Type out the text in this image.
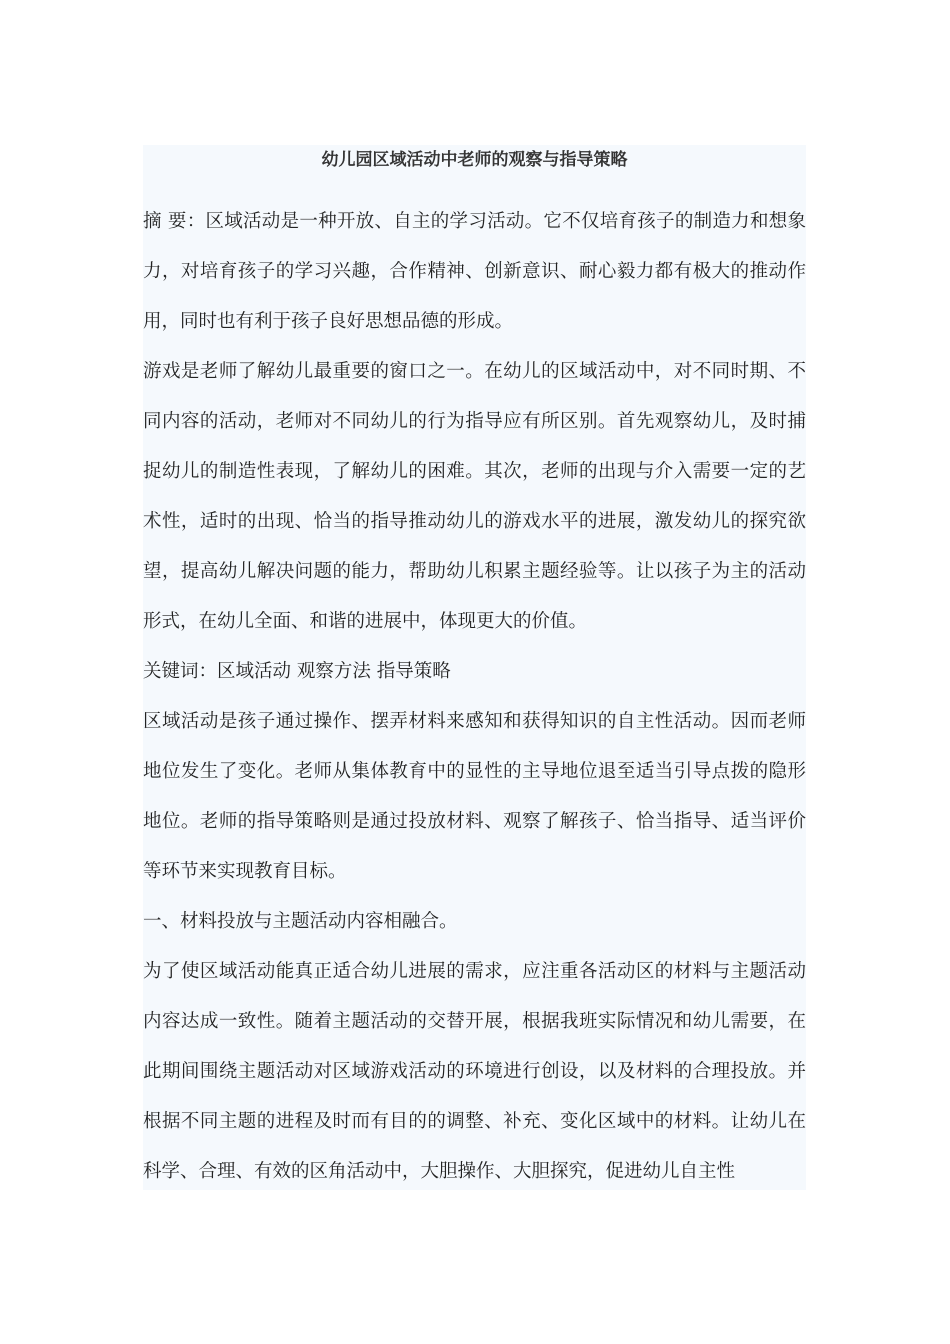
幼儿园区域活动中老师的观察与指导策略

摘 要：区域活动是一种开放、自主的学习活动。它不仅培育孩子的制造力和想象力，对培育孩子的学习兴趣，合作精神、创新意识、耐心毅力都有极大的推动作用，同时也有利于孩子良好思想品德的形成。

游戏是老师了解幼儿最重要的窗口之一。在幼儿的区域活动中，对不同时期、不同内容的活动，老师对不同幼儿的行为指导应有所区别。首先观察幼儿，及时捕捉幼儿的制造性表现，了解幼儿的困难。其次，老师的出现与介入需要一定的艺术性，适时的出现、恰当的指导推动幼儿的游戏水平的进展，激发幼儿的探究欲望，提高幼儿解决问题的能力，帮助幼儿积累主题经验等。让以孩子为主的活动形式，在幼儿全面、和谐的进展中，体现更大的价值。

关键词：区域活动 观察方法 指导策略

区域活动是孩子通过操作、摆弄材料来感知和获得知识的自主性活动。因而老师地位发生了变化。老师从集体教育中的显性的主导地位退至适当引导点拨的隐形地位。老师的指导策略则是通过投放材料、观察了解孩子、恰当指导、适当评价等环节来实现教育目标。

一、材料投放与主题活动内容相融合。

为了使区域活动能真正适合幼儿进展的需求，应注重各活动区的材料与主题活动内容达成一致性。随着主题活动的交替开展，根据我班实际情况和幼儿需要，在此期间围绕主题活动对区域游戏活动的环境进行创设，以及材料的合理投放。并根据不同主题的进程及时而有目的的调整、补充、变化区域中的材料。让幼儿在科学、合理、有效的区角活动中，大胆操作、大胆探究，促进幼儿自主性
